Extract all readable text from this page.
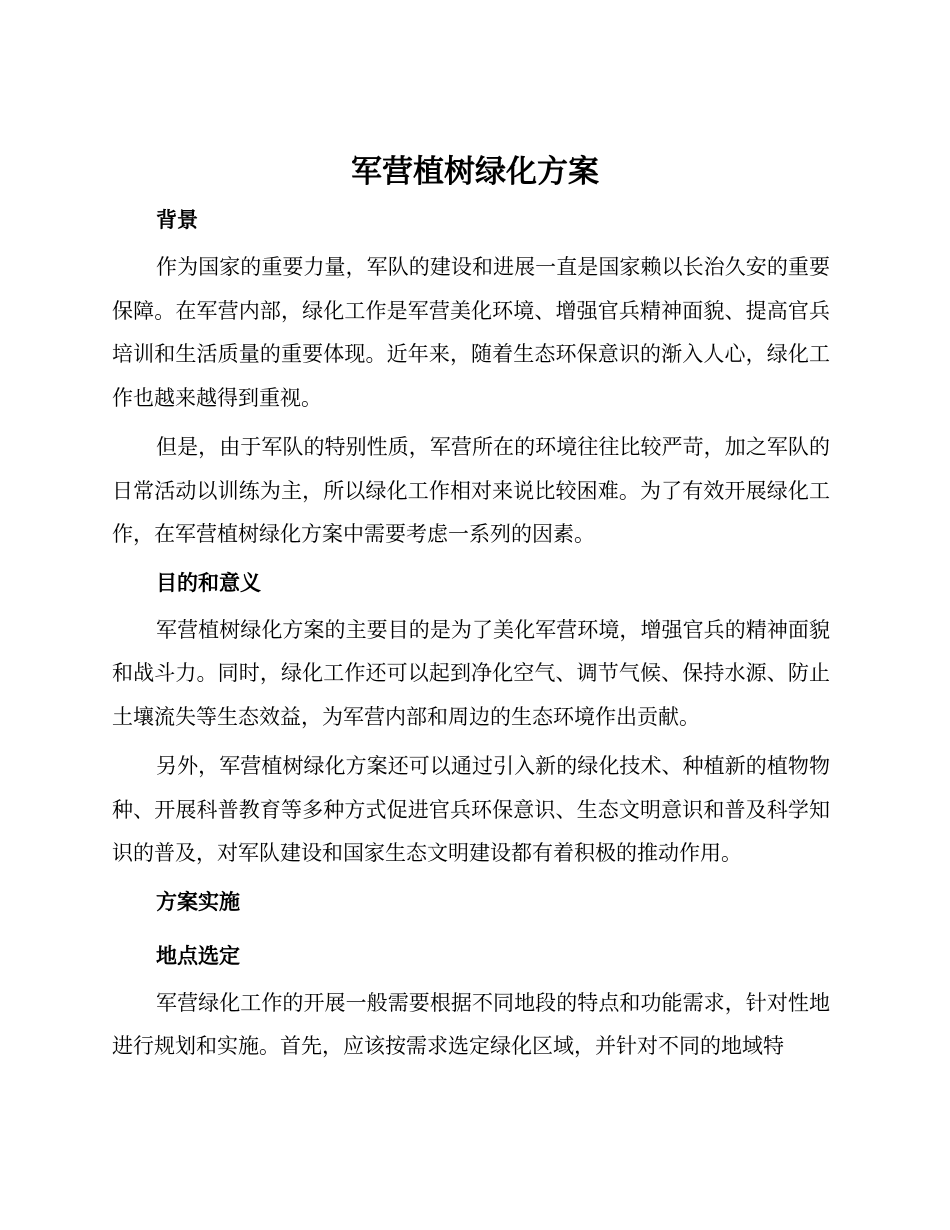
军营植树绿化方案
背景

作为国家的重要力量，军队的建设和进展一直是国家赖以长治久安的重要保障。在军营内部，绿化工作是军营美化环境、增强官兵精神面貌、提高官兵培训和生活质量的重要体现。近年来，随着生态环保意识的渐入人心，绿化工作也越来越得到重视。

但是，由于军队的特别性质，军营所在的环境往往比较严苛，加之军队的日常活动以训练为主，所以绿化工作相对来说比较困难。为了有效开展绿化工作，在军营植树绿化方案中需要考虑一系列的因素。

目的和意义

军营植树绿化方案的主要目的是为了美化军营环境，增强官兵的精神面貌和战斗力。同时，绿化工作还可以起到净化空气、调节气候、保持水源、防止土壤流失等生态效益，为军营内部和周边的生态环境作出贡献。

另外，军营植树绿化方案还可以通过引入新的绿化技术、种植新的植物物种、开展科普教育等多种方式促进官兵环保意识、生态文明意识和普及科学知识的普及，对军队建设和国家生态文明建设都有着积极的推动作用。

方案实施
地点选定

军营绿化工作的开展一般需要根据不同地段的特点和功能需求，针对性地进行规划和实施。首先，应该按需求选定绿化区域，并针对不同的地域特
